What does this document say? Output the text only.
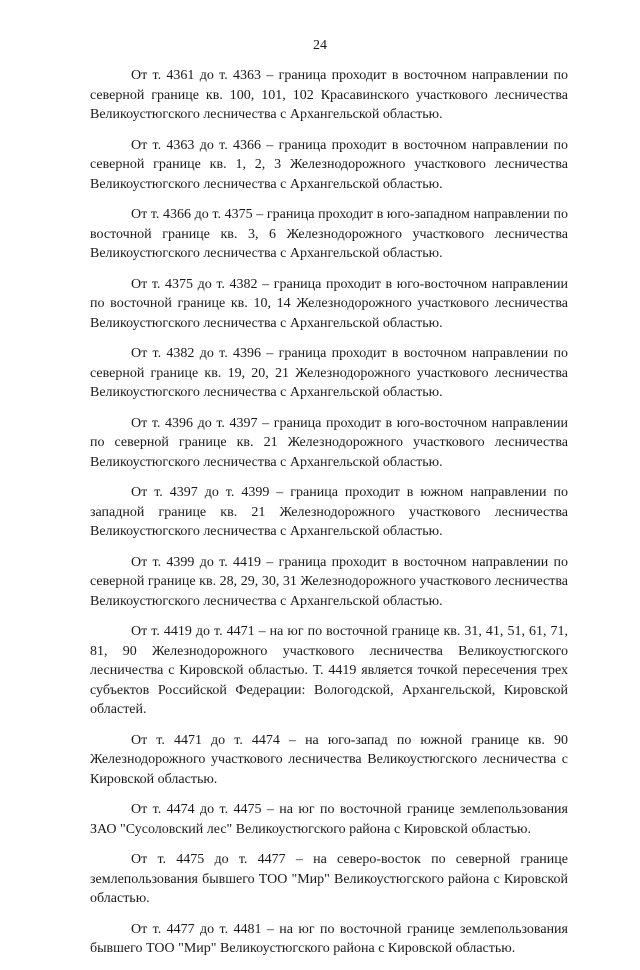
24

От т. 4361 до т. 4363 – граница проходит в восточном направлении по северной границе кв. 100, 101, 102 Красавинского участкового лесничества Великоустюгского лесничества с Архангельской областью.

От т. 4363 до т. 4366 – граница проходит в восточном направлении по северной границе кв. 1, 2, 3 Железнодорожного участкового лесничества Великоустюгского лесничества с Архангельской областью.

От т. 4366 до т. 4375 – граница проходит в юго-западном направлении по восточной границе кв. 3, 6 Железнодорожного участкового лесничества Великоустюгского лесничества с Архангельской областью.

От т. 4375 до т. 4382 – граница проходит в юго-восточном направлении по восточной границе кв. 10, 14 Железнодорожного участкового лесничества Великоустюгского лесничества с Архангельской областью.

От т. 4382 до т. 4396 – граница проходит в восточном направлении по северной границе кв. 19, 20, 21 Железнодорожного участкового лесничества Великоустюгского лесничества с Архангельской областью.

От т. 4396 до т. 4397 – граница проходит в юго-восточном направлении по северной границе кв. 21 Железнодорожного участкового лесничества Великоустюгского лесничества с Архангельской областью.

От т. 4397 до т. 4399 – граница проходит в южном направлении по западной границе кв. 21 Железнодорожного участкового лесничества Великоустюгского лесничества с Архангельской областью.

От т. 4399 до т. 4419 – граница проходит в восточном направлении по северной границе кв. 28, 29, 30, 31 Железнодорожного участкового лесничества Великоустюгского лесничества с Архангельской областью.

От т. 4419 до т. 4471 – на юг по восточной границе кв. 31, 41, 51, 61, 71, 81, 90 Железнодорожного участкового лесничества Великоустюгского лесничества с Кировской областью. Т. 4419 является точкой пересечения трех субъектов Российской Федерации: Вологодской, Архангельской, Кировской областей.

От т. 4471 до т. 4474 – на юго-запад по южной границе кв. 90 Железнодорожного участкового лесничества Великоустюгского лесничества с Кировской областью.

От т. 4474 до т. 4475 – на юг по восточной границе землепользования ЗАО "Сусоловский лес" Великоустюгского района с Кировской областью.

От т. 4475 до т. 4477 – на северо-восток по северной границе землепользования бывшего ТОО "Мир" Великоустюгского района с Кировской областью.

От т. 4477 до т. 4481 – на юг по восточной границе землепользования бывшего ТОО "Мир" Великоустюгского района с Кировской областью.
